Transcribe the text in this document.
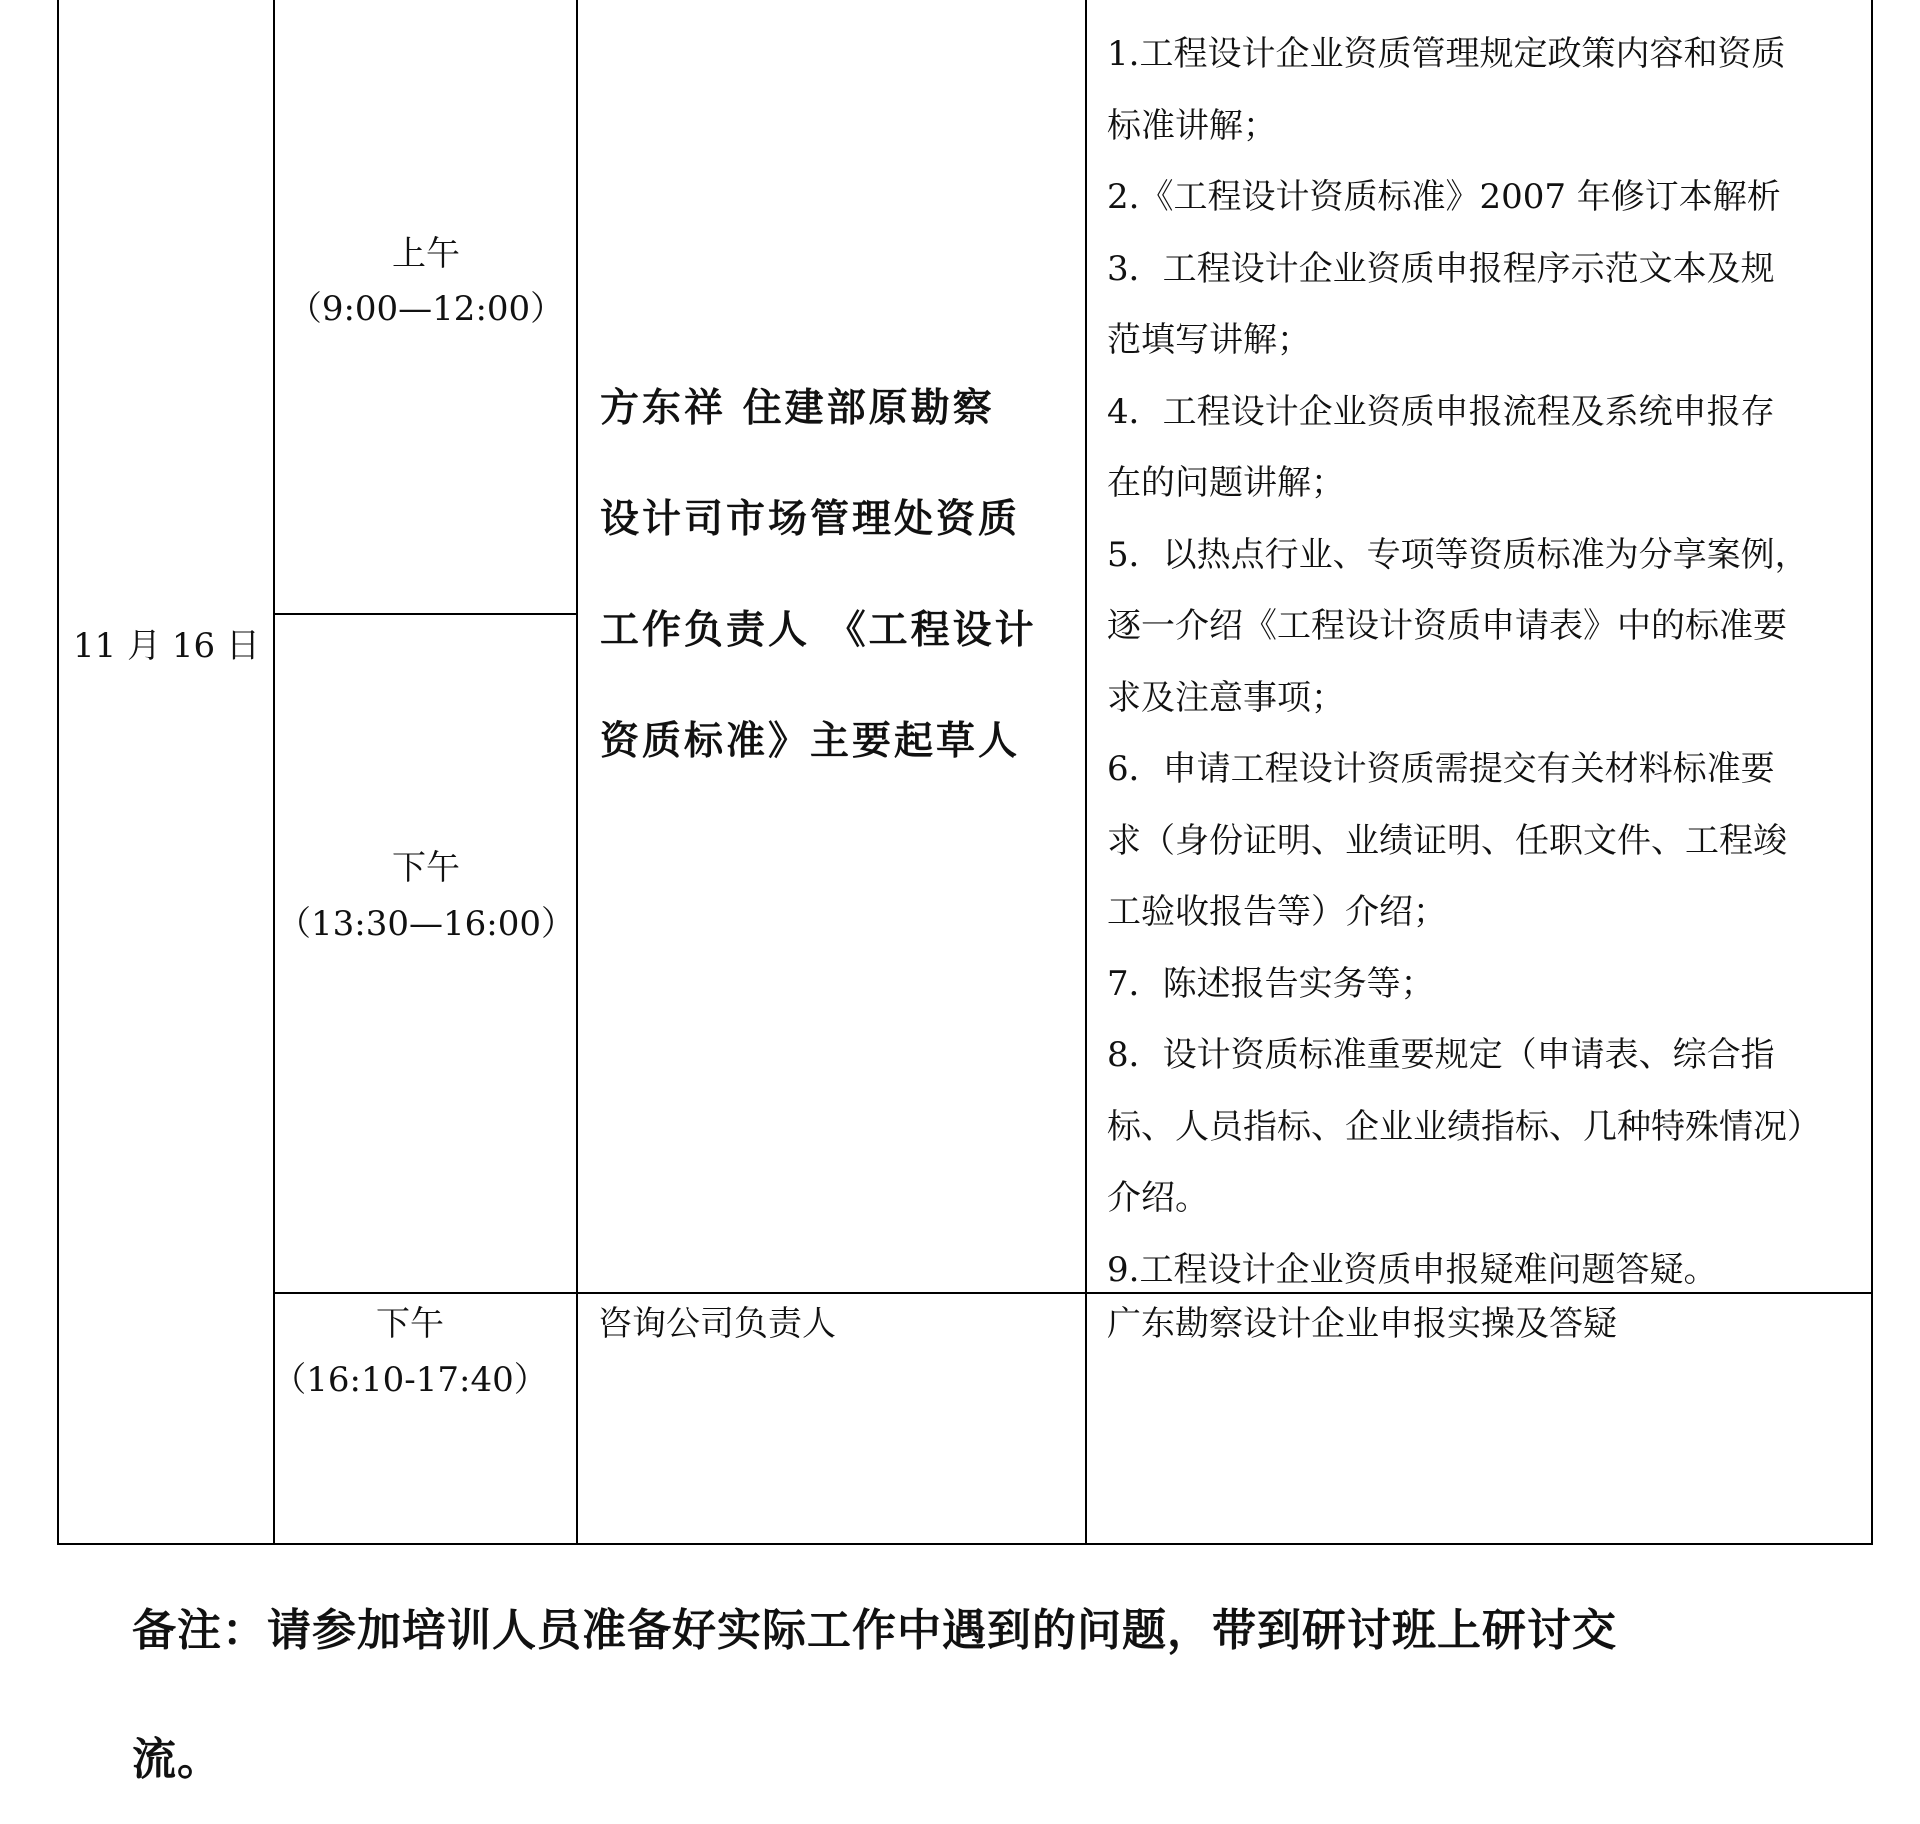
11 月 16 日
上午
（9:00—12:00）
下午
（13:30—16:00）
方东祥 住建部原勘察
设计司市场管理处资质
工作负责人 《工程设计
资质标准》主要起草人
1.工程设计企业资质管理规定政策内容和资质
标准讲解；
2.《工程设计资质标准》2007 年修订本解析
3．工程设计企业资质申报程序示范文本及规
范填写讲解；
4．工程设计企业资质申报流程及系统申报存
在的问题讲解；
5．以热点行业、专项等资质标准为分享案例，
逐一介绍《工程设计资质申请表》中的标准要
求及注意事项；
6．申请工程设计资质需提交有关材料标准要
求（身份证明、业绩证明、任职文件、工程竣
工验收报告等）介绍；
7．陈述报告实务等；
8．设计资质标准重要规定（申请表、综合指
标、人员指标、企业业绩指标、几种特殊情况）
介绍。
9.工程设计企业资质申报疑难问题答疑。
下午
（16:10-17:40）
咨询公司负责人	广东勘察设计企业申报实操及答疑
备注：请参加培训人员准备好实际工作中遇到的问题，带到研讨班上研讨交
流。
